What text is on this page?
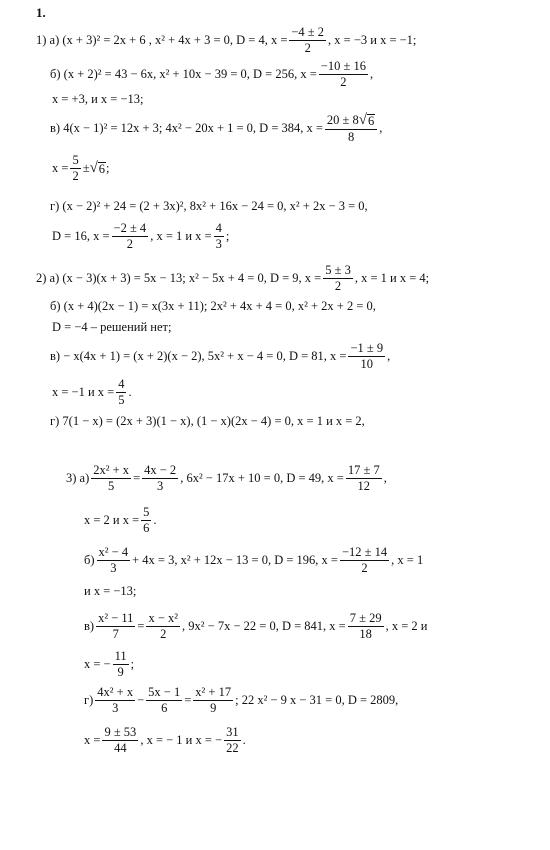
1.
1) а)
(x + 3)² = 2x + 6 , x² + 4x + 3 = 0, D = 4, $x = \frac{-4 \pm 2}{2}$ , x = −3 и x = −1;
б)
(x + 2)² = 43 − 6x, x² + 10x − 39 = 0, D = 256, $x = \frac{-10 \pm 16}{2}$ ,
x = +3, и x = −13;
в)
4(x − 1)² = 12x + 3; 4x² − 20x + 1 = 0, D = 384, $x = \frac{20 \pm 8 √ 6}{8}$ ,
$x = \frac{5}{2}$ ± √ 6 ;
г) (x − 2)² + 24 = (2 + 3x)², 8x² + 16x − 24 = 0, x² + 2x − 3 = 0,
D = 16, $x = \frac{-2 \pm 4}{2}$ , x = 1 и $x = \frac{4}{3}$ ;
2) а)
(x − 3)(x + 3) = 5x − 13; x² − 5x + 4 = 0, D = 9, $x = \frac{5 \pm 3}{2}$ , x = 1 и x = 4;
б) (x + 4)(2x − 1) = x(3x + 11); 2x² + 4x + 4 = 0, x² + 2x + 2 = 0,
D = −4 – решений нет;
в)
− x(4x + 1) = (x + 2)(x − 2), 5x² + x − 4 = 0, D = 81, $x = \frac{-1 \pm 9}{10}$ ,
x = −1 и $x = \frac{4}{5}$ .
г) 7(1 − x) = (2x + 3)(1 − x), (1 − x)(2x − 4) = 0, x = 1 и x = 2,
3) $а) \frac{\text{2x² + x}}{5} = \frac{4x - 2}{3}$ , 6x² − 17x + 10 = 0, D = 49, $x = \frac{17 \pm 7}{12}$ ,
x = 2 и $x = \frac{5}{6}$ .
б)
x² − 4
3
+ 4x = 3, x² + 12x − 13 = 0, D = 196, $x = \frac{-12 \pm 14}{2}$ , x = 1
и x = −13;
$в) \frac{\text{x² − 11}}{7} = \frac{\text{x − x²}}{2}$ , 9x² − 7x − 22 = 0, D = 841, $x = \frac{7 \pm 29}{18}$ , x = 2 и
x = − $\frac{11}{9}$ ;
г)
4x² + x
3
− $\frac{5x - 1}{6} = \frac{\text{x² + 17}}{9}$ ; 22 x² − 9 x − 31 = 0, D = 2809,
$x = \frac{9 \pm 53}{44}$ , x = − 1 и x = − $\frac{31}{22}$ .
